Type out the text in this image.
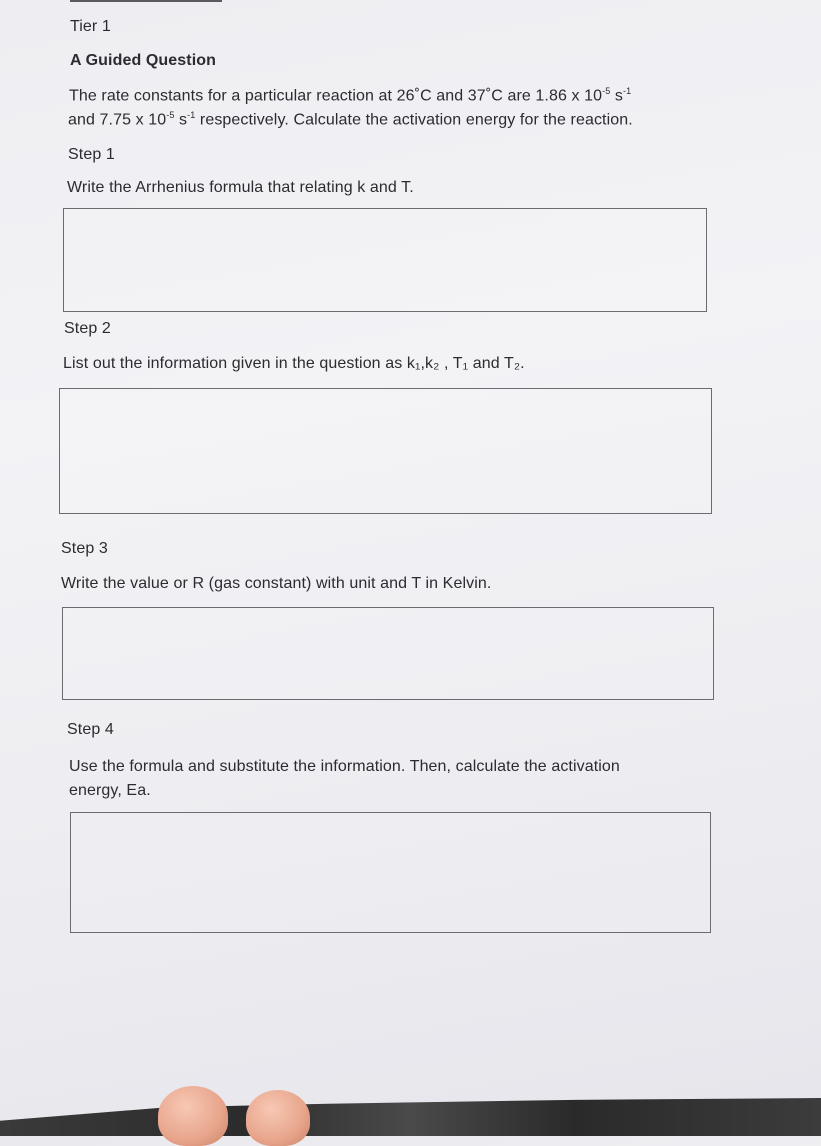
Tier 1
A Guided Question
The rate constants for a particular reaction at 26˚C and 37˚C are 1.86 x $10^{-5}$ $s^{-1}$
and 7.75 x $10^{-5}$ $s^{-1}$ respectively. Calculate the activation energy for the reaction.
Step 1
Write the Arrhenius formula that relating k and T.
Step 2
List out the information given in the question as k₁,k₂ , T₁ and T₂.
Step 3
Write the value or R (gas constant) with unit and T in Kelvin.
Step 4
Use the formula and substitute the information. Then, calculate the activation
energy, Ea.
